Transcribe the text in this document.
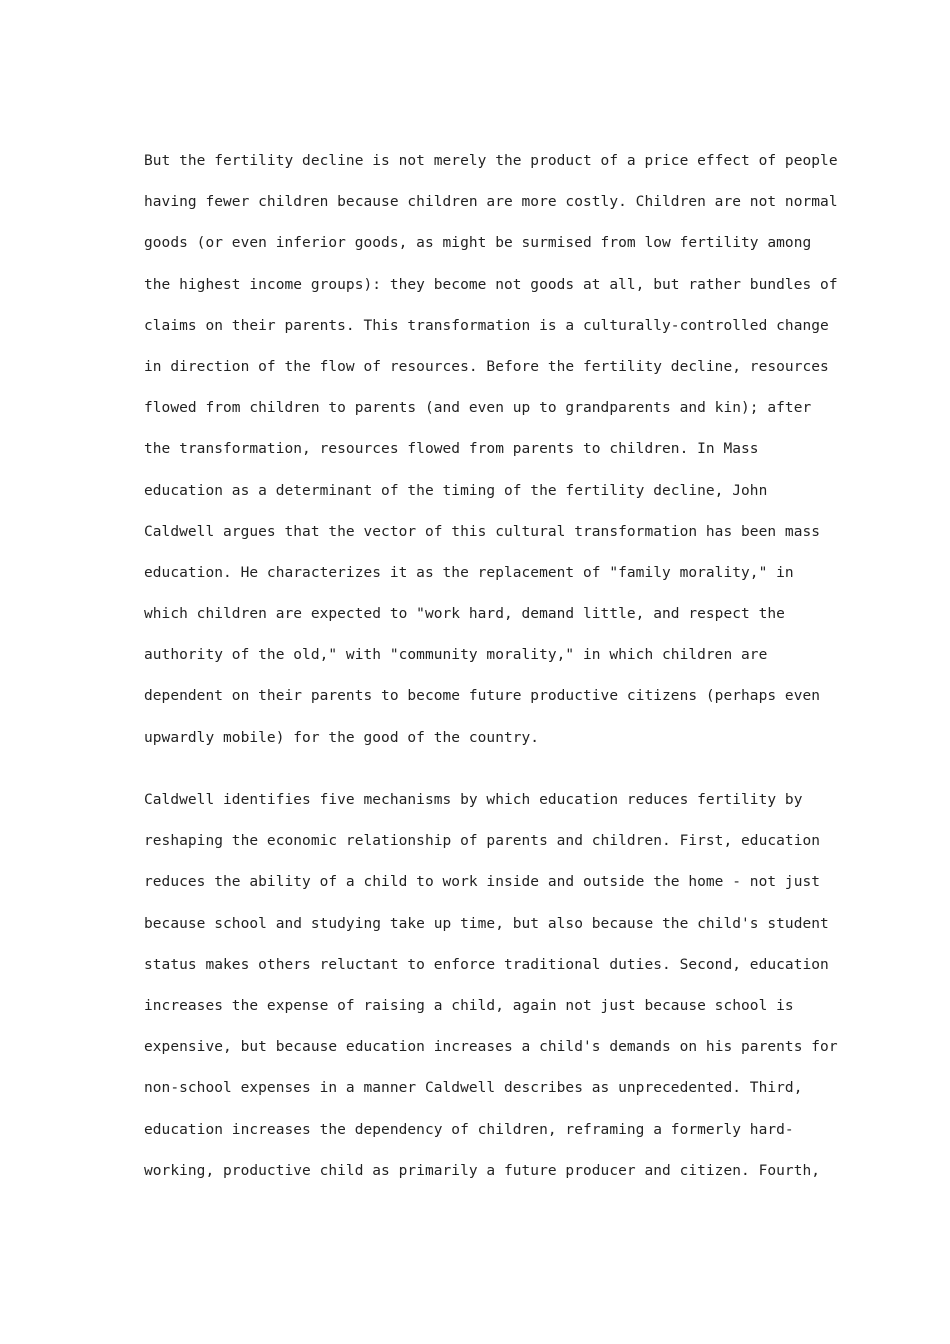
But the fertility decline is not merely the product of a price effect of people
having fewer children because children are more costly. Children are not normal
goods (or even inferior goods, as might be surmised from low fertility among
the highest income groups): they become not goods at all, but rather bundles of
claims on their parents. This transformation is a culturally-controlled change
in direction of the flow of resources. Before the fertility decline, resources
flowed from children to parents (and even up to grandparents and kin); after
the transformation, resources flowed from parents to children. In Mass
education as a determinant of the timing of the fertility decline, John
Caldwell argues that the vector of this cultural transformation has been mass
education. He characterizes it as the replacement of "family morality," in
which children are expected to "work hard, demand little, and respect the
authority of the old," with "community morality," in which children are
dependent on their parents to become future productive citizens (perhaps even
upwardly mobile) for the good of the country.
Caldwell identifies five mechanisms by which education reduces fertility by
reshaping the economic relationship of parents and children. First, education
reduces the ability of a child to work inside and outside the home - not just
because school and studying take up time, but also because the child's student
status makes others reluctant to enforce traditional duties. Second, education
increases the expense of raising a child, again not just because school is
expensive, but because education increases a child's demands on his parents for
non-school expenses in a manner Caldwell describes as unprecedented. Third,
education increases the dependency of children, reframing a formerly hard-
working, productive child as primarily a future producer and citizen. Fourth,
